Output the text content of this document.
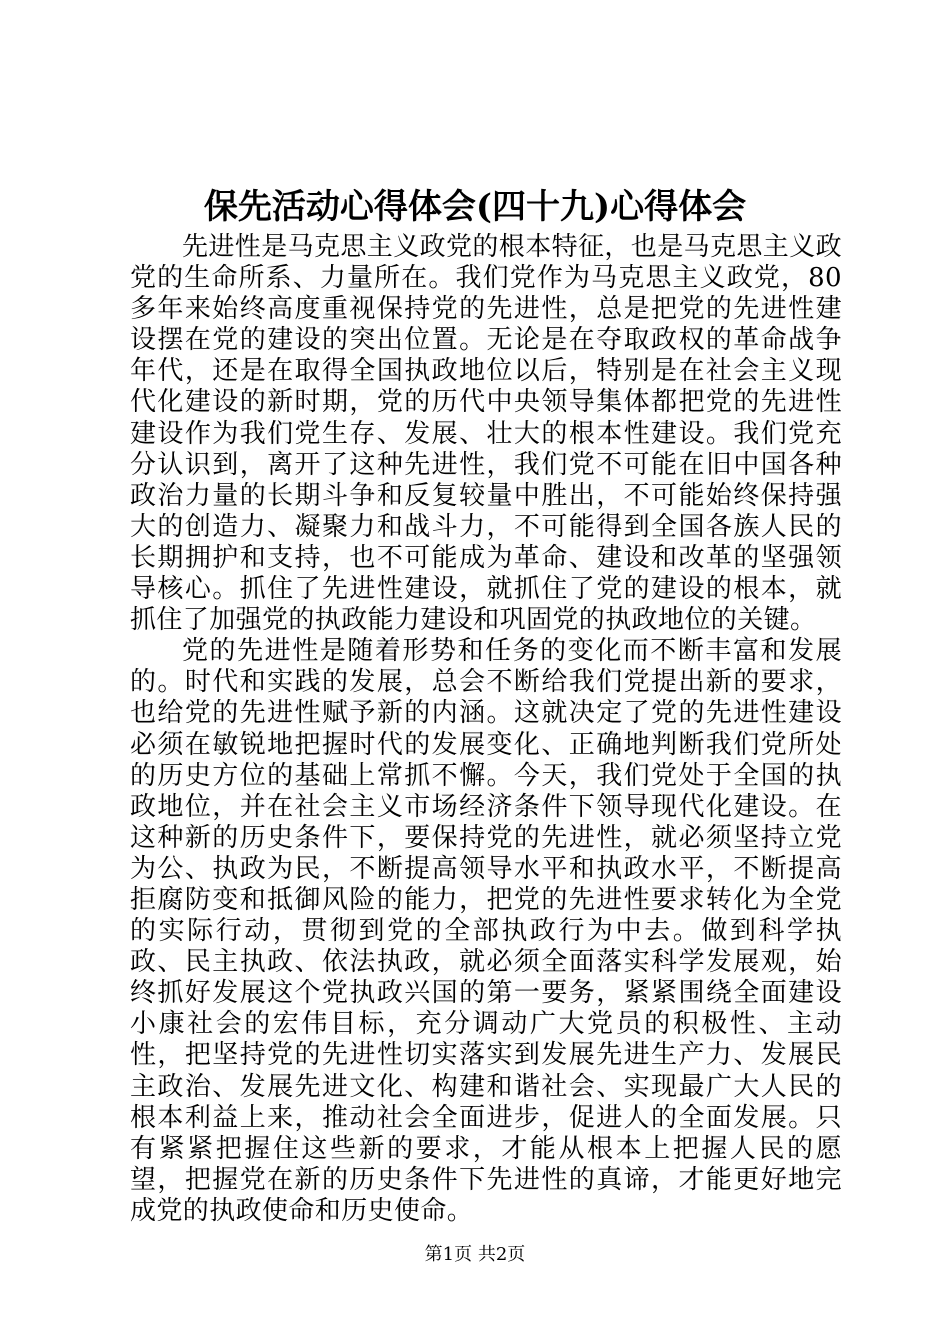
保先活动心得体会(四十九)心得体会

先进性是马克思主义政党的根本特征，也是马克思主义政党的生命所系、力量所在。我们党作为马克思主义政党，80多年来始终高度重视保持党的先进性，总是把党的先进性建设摆在党的建设的突出位置。无论是在夺取政权的革命战争年代，还是在取得全国执政地位以后，特别是在社会主义现代化建设的新时期，党的历代中央领导集体都把党的先进性建设作为我们党生存、发展、壮大的根本性建设。我们党充分认识到，离开了这种先进性，我们党不可能在旧中国各种政治力量的长期斗争和反复较量中胜出，不可能始终保持强大的创造力、凝聚力和战斗力，不可能得到全国各族人民的长期拥护和支持，也不可能成为革命、建设和改革的坚强领导核心。抓住了先进性建设，就抓住了党的建设的根本，就抓住了加强党的执政能力建设和巩固党的执政地位的关键。

党的先进性是随着形势和任务的变化而不断丰富和发展的。时代和实践的发展，总会不断给我们党提出新的要求，也给党的先进性赋予新的内涵。这就决定了党的先进性建设必须在敏锐地把握时代的发展变化、正确地判断我们党所处的历史方位的基础上常抓不懈。今天，我们党处于全国的执政地位，并在社会主义市场经济条件下领导现代化建设。在这种新的历史条件下，要保持党的先进性，就必须坚持立党为公、执政为民，不断提高领导水平和执政水平，不断提高拒腐防变和抵御风险的能力，把党的先进性要求转化为全党的实际行动，贯彻到党的全部执政行为中去。做到科学执政、民主执政、依法执政，就必须全面落实科学发展观，始终抓好发展这个党执政兴国的第一要务，紧紧围绕全面建设小康社会的宏伟目标，充分调动广大党员的积极性、主动性，把坚持党的先进性切实落实到发展先进生产力、发展民主政治、发展先进文化、构建和谐社会、实现最广大人民的根本利益上来，推动社会全面进步，促进人的全面发展。只有紧紧把握住这些新的要求，才能从根本上把握人民的愿望，把握党在新的历史条件下先进性的真谛，才能更好地完成党的执政使命和历史使命。

第1页 共2页
